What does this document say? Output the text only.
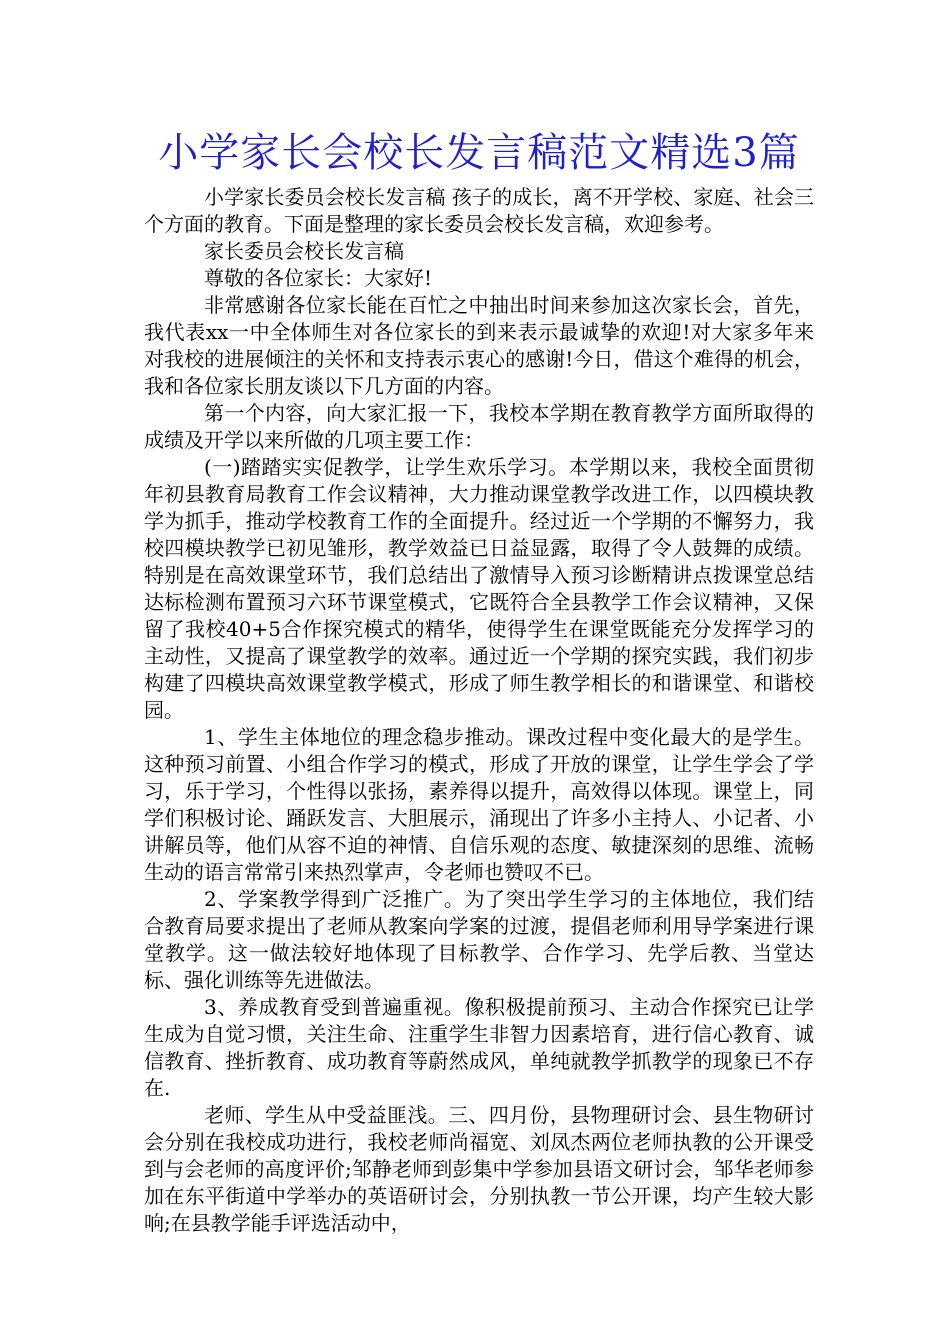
小学家长会校长发言稿范文精选3篇

小学家长委员会校长发言稿 孩子的成长，离不开学校、家庭、社会三个方面的教育。下面是整理的家长委员会校长发言稿，欢迎参考。

家长委员会校长发言稿

尊敬的各位家长：大家好!

非常感谢各位家长能在百忙之中抽出时间来参加这次家长会，首先，我代表xx一中全体师生对各位家长的到来表示最诚挚的欢迎!对大家多年来对我校的进展倾注的关怀和支持表示衷心的感谢!今日，借这个难得的机会，我和各位家长朋友谈以下几方面的内容。

第一个内容，向大家汇报一下，我校本学期在教育教学方面所取得的成绩及开学以来所做的几项主要工作：

(一)踏踏实实促教学，让学生欢乐学习。本学期以来，我校全面贯彻年初县教育局教育工作会议精神，大力推动课堂教学改进工作，以四模块教学为抓手，推动学校教育工作的全面提升。经过近一个学期的不懈努力，我校四模块教学已初见雏形，教学效益已日益显露，取得了令人鼓舞的成绩。特别是在高效课堂环节，我们总结出了激情导入预习诊断精讲点拨课堂总结达标检测布置预习六环节课堂模式，它既符合全县教学工作会议精神，又保留了我校40+5合作探究模式的精华，使得学生在课堂既能充分发挥学习的主动性，又提高了课堂教学的效率。通过近一个学期的探究实践，我们初步构建了四模块高效课堂教学模式，形成了师生教学相长的和谐课堂、和谐校园。

1、学生主体地位的理念稳步推动。课改过程中变化最大的是学生。这种预习前置、小组合作学习的模式，形成了开放的课堂，让学生学会了学习，乐于学习，个性得以张扬，素养得以提升，高效得以体现。课堂上，同学们积极讨论、踊跃发言、大胆展示，涌现出了许多小主持人、小记者、小讲解员等，他们从容不迫的神情、自信乐观的态度、敏捷深刻的思维、流畅生动的语言常常引来热烈掌声，令老师也赞叹不已。

2、学案教学得到广泛推广。为了突出学生学习的主体地位，我们结合教育局要求提出了老师从教案向学案的过渡，提倡老师利用导学案进行课堂教学。这一做法较好地体现了目标教学、合作学习、先学后教、当堂达标、强化训练等先进做法。

3、养成教育受到普遍重视。像积极提前预习、主动合作探究已让学生成为自觉习惯，关注生命、注重学生非智力因素培育，进行信心教育、诚信教育、挫折教育、成功教育等蔚然成风，单纯就教学抓教学的现象已不存在.

老师、学生从中受益匪浅。三、四月份，县物理研讨会、县生物研讨会分别在我校成功进行，我校老师尚福宽、刘凤杰两位老师执教的公开课受到与会老师的高度评价;邹静老师到彭集中学参加县语文研讨会，邹华老师参加在东平街道中学举办的英语研讨会，分别执教一节公开课，均产生较大影响;在县教学能手评选活动中，
